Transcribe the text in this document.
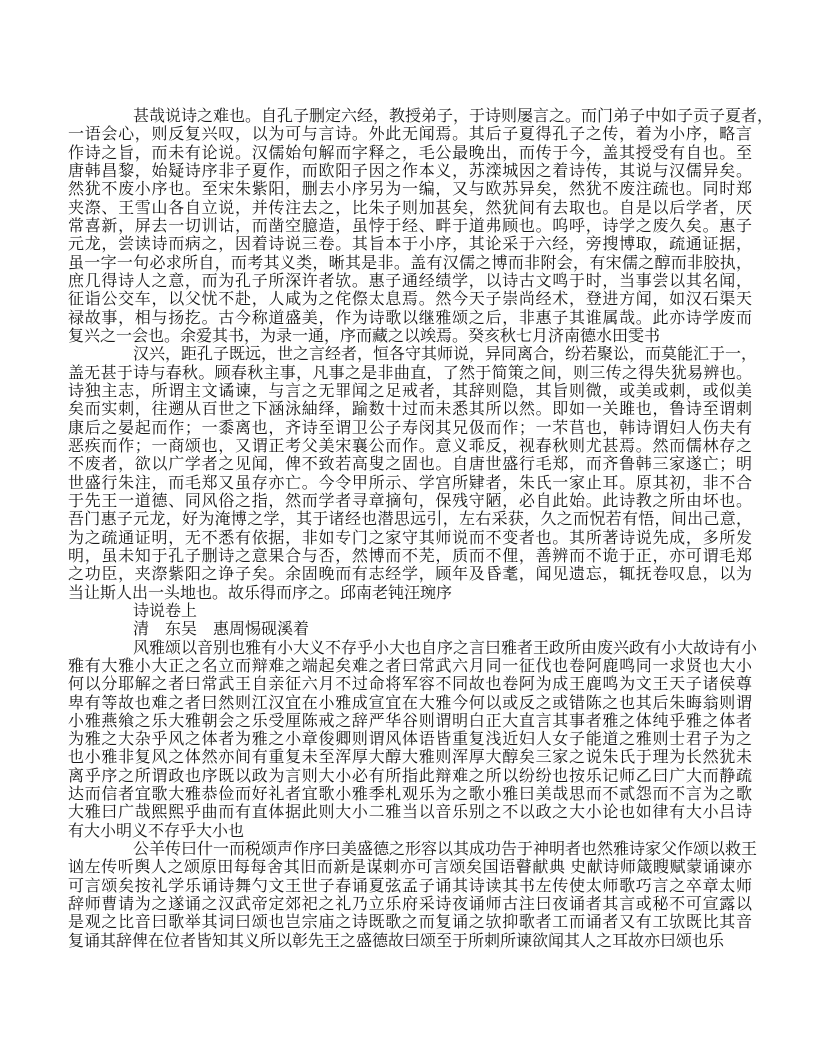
甚哉说诗之难也。自孔子删定六经，教授弟子，于诗则屡言之。而门弟子中如子贡子夏者，
一语会心，则反复兴叹，以为可与言诗。外此无闻焉。其后子夏得孔子之传，着为小序，略言
作诗之旨，而未有论说。汉儒始句解而字释之，毛公最晚出，而传于今，盖其授受有自也。至
唐韩昌黎，始疑诗序非子夏作，而欧阳子因之作本义，苏滦城因之着诗传，其说与汉儒异矣。
然犹不废小序也。至宋朱紫阳，删去小序另为一编，又与欧苏异矣，然犹不废注疏也。同时郑
夹漈、王雪山各自立说，并传注去之，比朱子则加甚矣，然犹间有去取也。自是以后学者，厌
常喜新，屏去一切训诂，而凿空臆造，虽悖于经、畔于道弗顾也。呜呼，诗学之废久矣。惠子
元龙，尝读诗而病之，因着诗说三卷。其旨本于小序，其论采于六经，旁搜博取，疏通证据，
虽一字一句必求所自，而考其义类，晰其是非。盖有汉儒之博而非附会，有宋儒之醇而非胶执，
庶几得诗人之意，而为孔子所深许者欤。惠子通经绩学，以诗古文鸣于时，当事尝以其名闻，
征诣公交车，以父忧不赴，人咸为之侘傺太息焉。然今天子崇尚经术，登进方闻，如汉石渠天
禄故事，相与扬扢。古今称道盛美，作为诗歌以继雅颂之后，非惠子其谁属哉。此亦诗学废而
复兴之一会也。余爱其书，为录一通，序而藏之以竢焉。癸亥秋七月济南德水田雯书
汉兴，距孔子既远，世之言经者，恒各守其师说，异同离合，纷若聚讼，而莫能汇于一，
盖无甚于诗与春秋。顾春秋主事，凡事之是非曲直，了然于简策之间，则三传之得失犹易辨也。
诗独主志，所谓主文谲谏，与言之无罪闻之足戒者，其辞则隐，其旨则微，或美或刺，或似美
矣而实刺，往遡从百世之下涵泳紬绎，踰数十过而未悉其所以然。即如一关雎也，鲁诗至谓刺
康后之晏起而作；一黍离也，齐诗至谓卫公子寿闵其兄伋而作；一芣苢也，韩诗谓妇人伤夫有
恶疾而作；一商颂也，又谓正考父美宋襄公而作。意义乖反，视春秋则尤甚焉。然而儒林存之
不废者，欲以广学者之见闻，俾不致若高叟之固也。自唐世盛行毛郑，而齐鲁韩三家遂亡；明
世盛行朱注，而毛郑又虽存亦亡。今令甲所示、学宫所肄者，朱氏一家止耳。原其初，非不合
于先王一道德、同风俗之指，然而学者寻章摘句，保残守陋，必自此始。此诗教之所由坏也。
吾门惠子元龙，好为淹博之学，其于诸经也潜思远引，左右采获，久之而怳若有悟，间出己意，
为之疏通证明，无不悉有依据，非如专门之家守其师说而不变者也。其所著诗说先成，多所发
明，虽未知于孔子删诗之意果合与否，然博而不芜，质而不俚，善辨而不诡于正，亦可谓毛郑
之功臣，夹漈紫阳之诤子矣。余固晚而有志经学，顾年及昏耄，闻见遗忘，辄抚卷叹息，以为
当让斯人出一头地也。故乐得而序之。邱南老钝汪琬序
诗说卷上
清　东吴　惠周惕砚溪着
风雅颂以音别也雅有小大义不存乎小大也自序之言曰雅者王政所由废兴政有小大故诗有小
雅有大雅小大正之名立而辩难之端起矣难之者曰常武六月同一征伐也卷阿鹿鸣同一求贤也大小
何以分耶解之者曰常武王自亲征六月不过命将军容不同故也卷阿为成王鹿鸣为文王天子诸侯尊
卑有等故也难之者曰然则江汉宜在小雅成宣宜在大雅今何以或反之或错陈之也其后朱晦翁则谓
小雅燕飨之乐大雅朝会之乐受厘陈戒之辞严华谷则谓明白正大直言其事者雅之体纯乎雅之体者
为雅之大杂乎风之体者为雅之小章俊卿则谓风体语皆重复浅近妇人女子能道之雅则士君子为之
也小雅非复风之体然亦间有重复未至浑厚大醇大雅则浑厚大醇矣三家之说朱氏于理为长然犹未
离乎序之所谓政也序既以政为言则大小必有所指此辩难之所以纷纷也按乐记师乙曰广大而静疏
达而信者宜歌大雅恭俭而好礼者宜歌小雅季札观乐为之歌小雅曰美哉思而不贰怨而不言为之歌
大雅曰广哉熙熙乎曲而有直体据此则大小二雅当以音乐别之不以政之大小论也如律有大小吕诗
有大小明义不存乎大小也
公羊传曰什一而税颂声作序曰美盛德之形容以其成功告于神明者也然雅诗家父作颂以救王
讻左传听舆人之颂原田每每舍其旧而新是谋刺亦可言颂矣国语瞽献典 史献诗师箴瞍赋蒙诵谏亦
可言颂矣按礼学乐诵诗舞勺文王世子春诵夏弦孟子诵其诗读其书左传使太师歌巧言之卒章太师
辞师曹请为之遂诵之汉武帝定郊祀之礼乃立乐府采诗夜诵师古注曰夜诵者其言或秘不可宣露以
是观之比音曰歌举其词曰颂也岂宗庙之诗既歌之而复诵之欤抑歌者工而诵者又有工欤既比其音
复诵其辞俾在位者皆知其义所以彰先王之盛德故曰颂至于所刺所谏欲闻其人之耳故亦曰颂也乐
